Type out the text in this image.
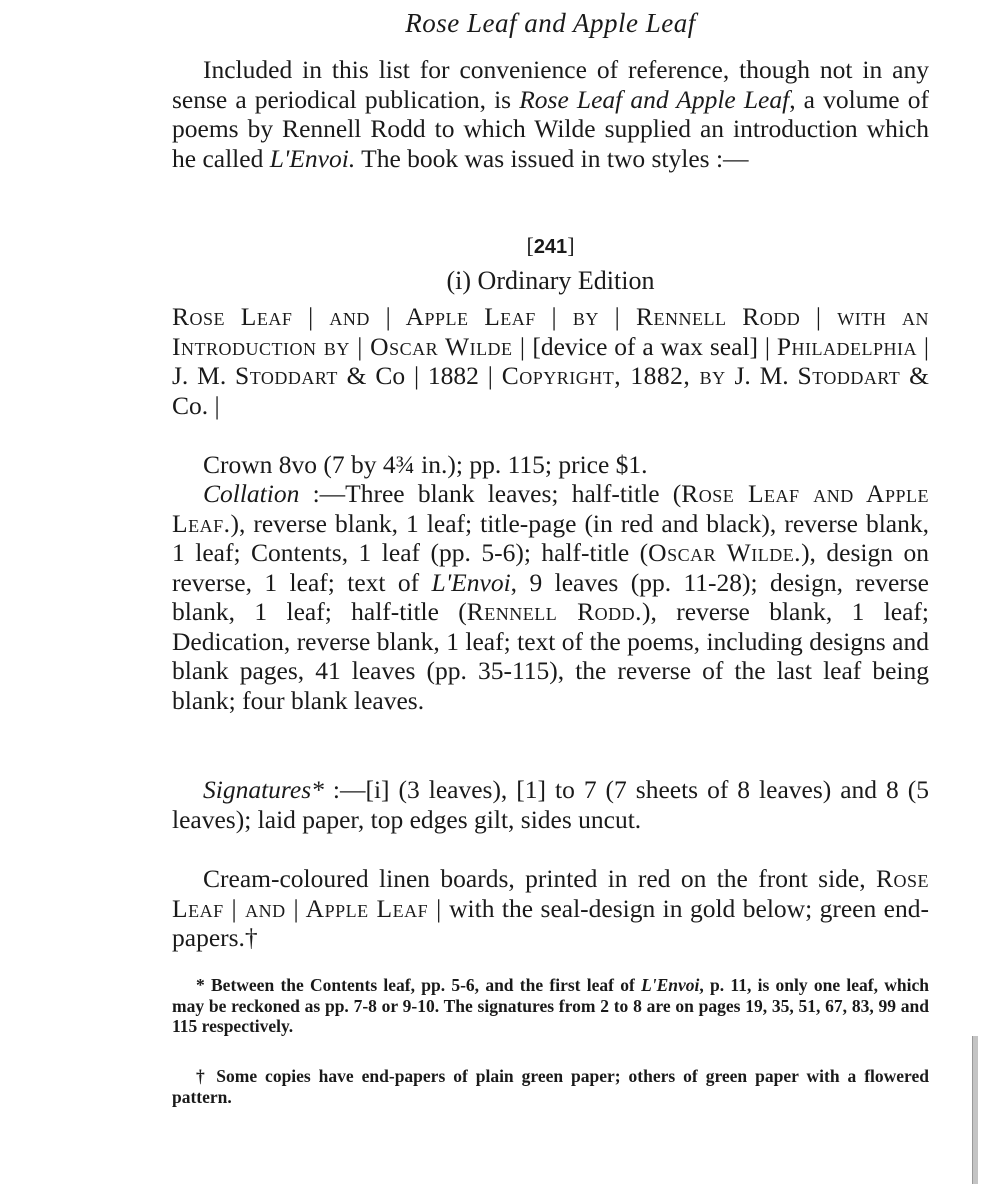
Rose Leaf and Apple Leaf

Included in this list for convenience of reference, though not in any sense a periodical publication, is Rose Leaf and Apple Leaf, a volume of poems by Rennell Rodd to which Wilde supplied an introduction which he called L'Envoi. The book was issued in two styles :—

[241]
(i) Ordinary Edition

Rose Leaf | and | Apple Leaf | by | Rennell Rodd | with an Introduction by | Oscar Wilde | [device of a wax seal] | Philadelphia | J. M. Stoddart & Co | 1882 | Copyright, 1882, by J. M. Stoddart & Co. |

Crown 8vo (7 by 4¾ in.); pp. 115; price $1.

Collation :—Three blank leaves; half-title (Rose Leaf and Apple Leaf.), reverse blank, 1 leaf; title-page (in red and black), reverse blank, 1 leaf; Contents, 1 leaf (pp. 5-6); half-title (Oscar Wilde.), design on reverse, 1 leaf; text of L'Envoi, 9 leaves (pp. 11-28); design, reverse blank, 1 leaf; half-title (Rennell Rodd.), reverse blank, 1 leaf; Dedication, reverse blank, 1 leaf; text of the poems, including designs and blank pages, 41 leaves (pp. 35-115), the reverse of the last leaf being blank; four blank leaves.

Signatures* :—[i] (3 leaves), [1] to 7 (7 sheets of 8 leaves) and 8 (5 leaves); laid paper, top edges gilt, sides uncut.

Cream-coloured linen boards, printed in red on the front side, Rose Leaf | and | Apple Leaf | with the seal-design in gold below; green end-papers.†

* Between the Contents leaf, pp. 5-6, and the first leaf of L'Envoi, p. 11, is only one leaf, which may be reckoned as pp. 7-8 or 9-10. The signatures from 2 to 8 are on pages 19, 35, 51, 67, 83, 99 and 115 respectively.

† Some copies have end-papers of plain green paper; others of green paper with a flowered pattern.
